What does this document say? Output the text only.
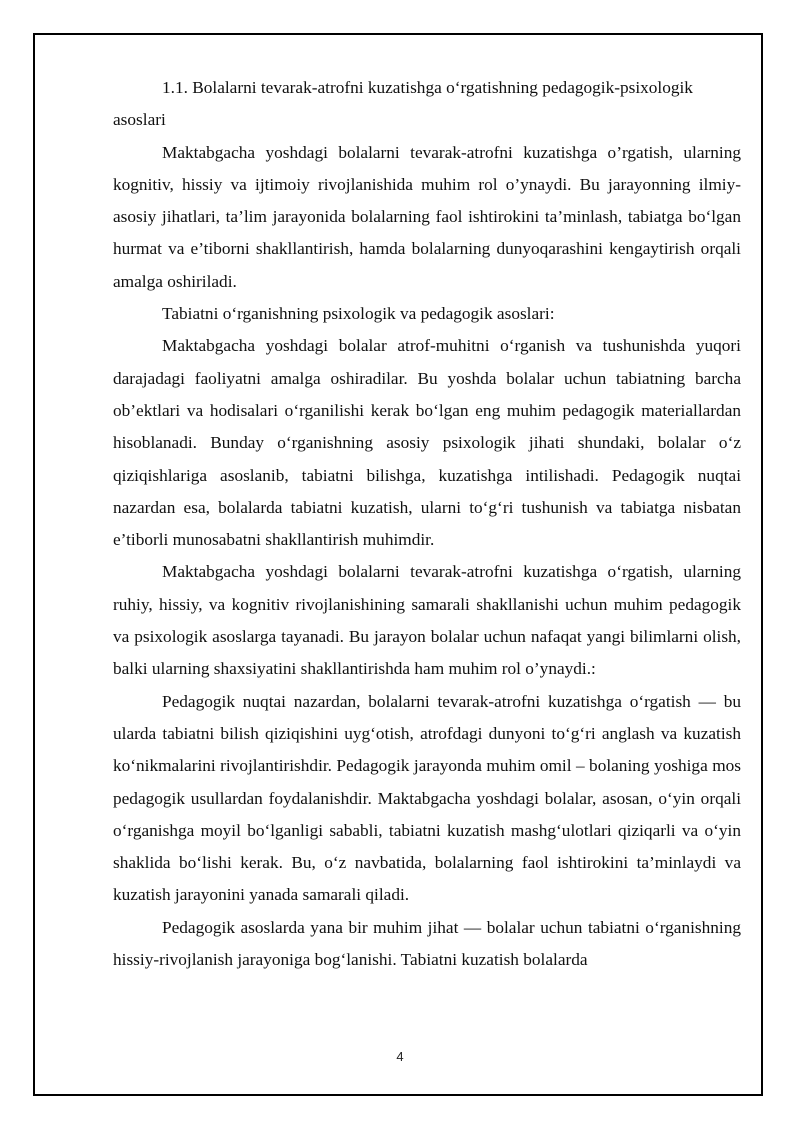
1.1. Bolalarni tevarak-atrofni kuzatishga o‘rgatishning pedagogik-psixologik asoslari

Maktabgacha yoshdagi bolalarni tevarak-atrofni kuzatishga o’rgatish, ularning kognitiv, hissiy va ijtimoiy rivojlanishida muhim rol o’ynaydi. Bu jarayonning ilmiy-asosiy jihatlari, ta’lim jarayonida bolalarning faol ishtirokini ta’minlash, tabiatga bo‘lgan hurmat va e’tiborni shakllantirish, hamda bolalarning dunyoqarashini kengaytirish orqali amalga oshiriladi.

Tabiatni o‘rganishning psixologik va pedagogik asoslari:

Maktabgacha yoshdagi bolalar atrof-muhitni o‘rganish va tushunishda yuqori darajadagi faoliyatni amalga oshiradilar. Bu yoshda bolalar uchun tabiatning barcha ob’ektlari va hodisalari o‘rganilishi kerak bo‘lgan eng muhim pedagogik materiallardan hisoblanadi. Bunday o‘rganishning asosiy psixologik jihati shundaki, bolalar o‘z qiziqishlariga asoslanib, tabiatni bilishga, kuzatishga intilishadi. Pedagogik nuqtai nazardan esa, bolalarda tabiatni kuzatish, ularni to‘g‘ri tushunish va tabiatga nisbatan e’tiborli munosabatni shakllantirish muhimdir.

Maktabgacha yoshdagi bolalarni tevarak-atrofni kuzatishga o‘rgatish, ularning ruhiy, hissiy, va kognitiv rivojlanishining samarali shakllanishi uchun muhim pedagogik va psixologik asoslarga tayanadi. Bu jarayon bolalar uchun nafaqat yangi bilimlarni olish, balki ularning shaxsiyatini shakllantirishda ham muhim rol o’ynaydi.:

Pedagogik nuqtai nazardan, bolalarni tevarak-atrofni kuzatishga o‘rgatish — bu ularda tabiatni bilish qiziqishini uyg‘otish, atrofdagi dunyoni to‘g‘ri anglash va kuzatish ko‘nikmalarini rivojlantirishdir. Pedagogik jarayonda muhim omil – bolaning yoshiga mos pedagogik usullardan foydalanishdir. Maktabgacha yoshdagi bolalar, asosan, o‘yin orqali o‘rganishga moyil bo‘lganligi sababli, tabiatni kuzatish mashg‘ulotlari qiziqarli va o‘yin shaklida bo‘lishi kerak. Bu, o‘z navbatida, bolalarning faol ishtirokini ta’minlaydi va kuzatish jarayonini yanada samarali qiladi.

Pedagogik asoslarda yana bir muhim jihat — bolalar uchun tabiatni o‘rganishning hissiy-rivojlanish jarayoniga bog‘lanishi. Tabiatni kuzatish bolalarda

4
